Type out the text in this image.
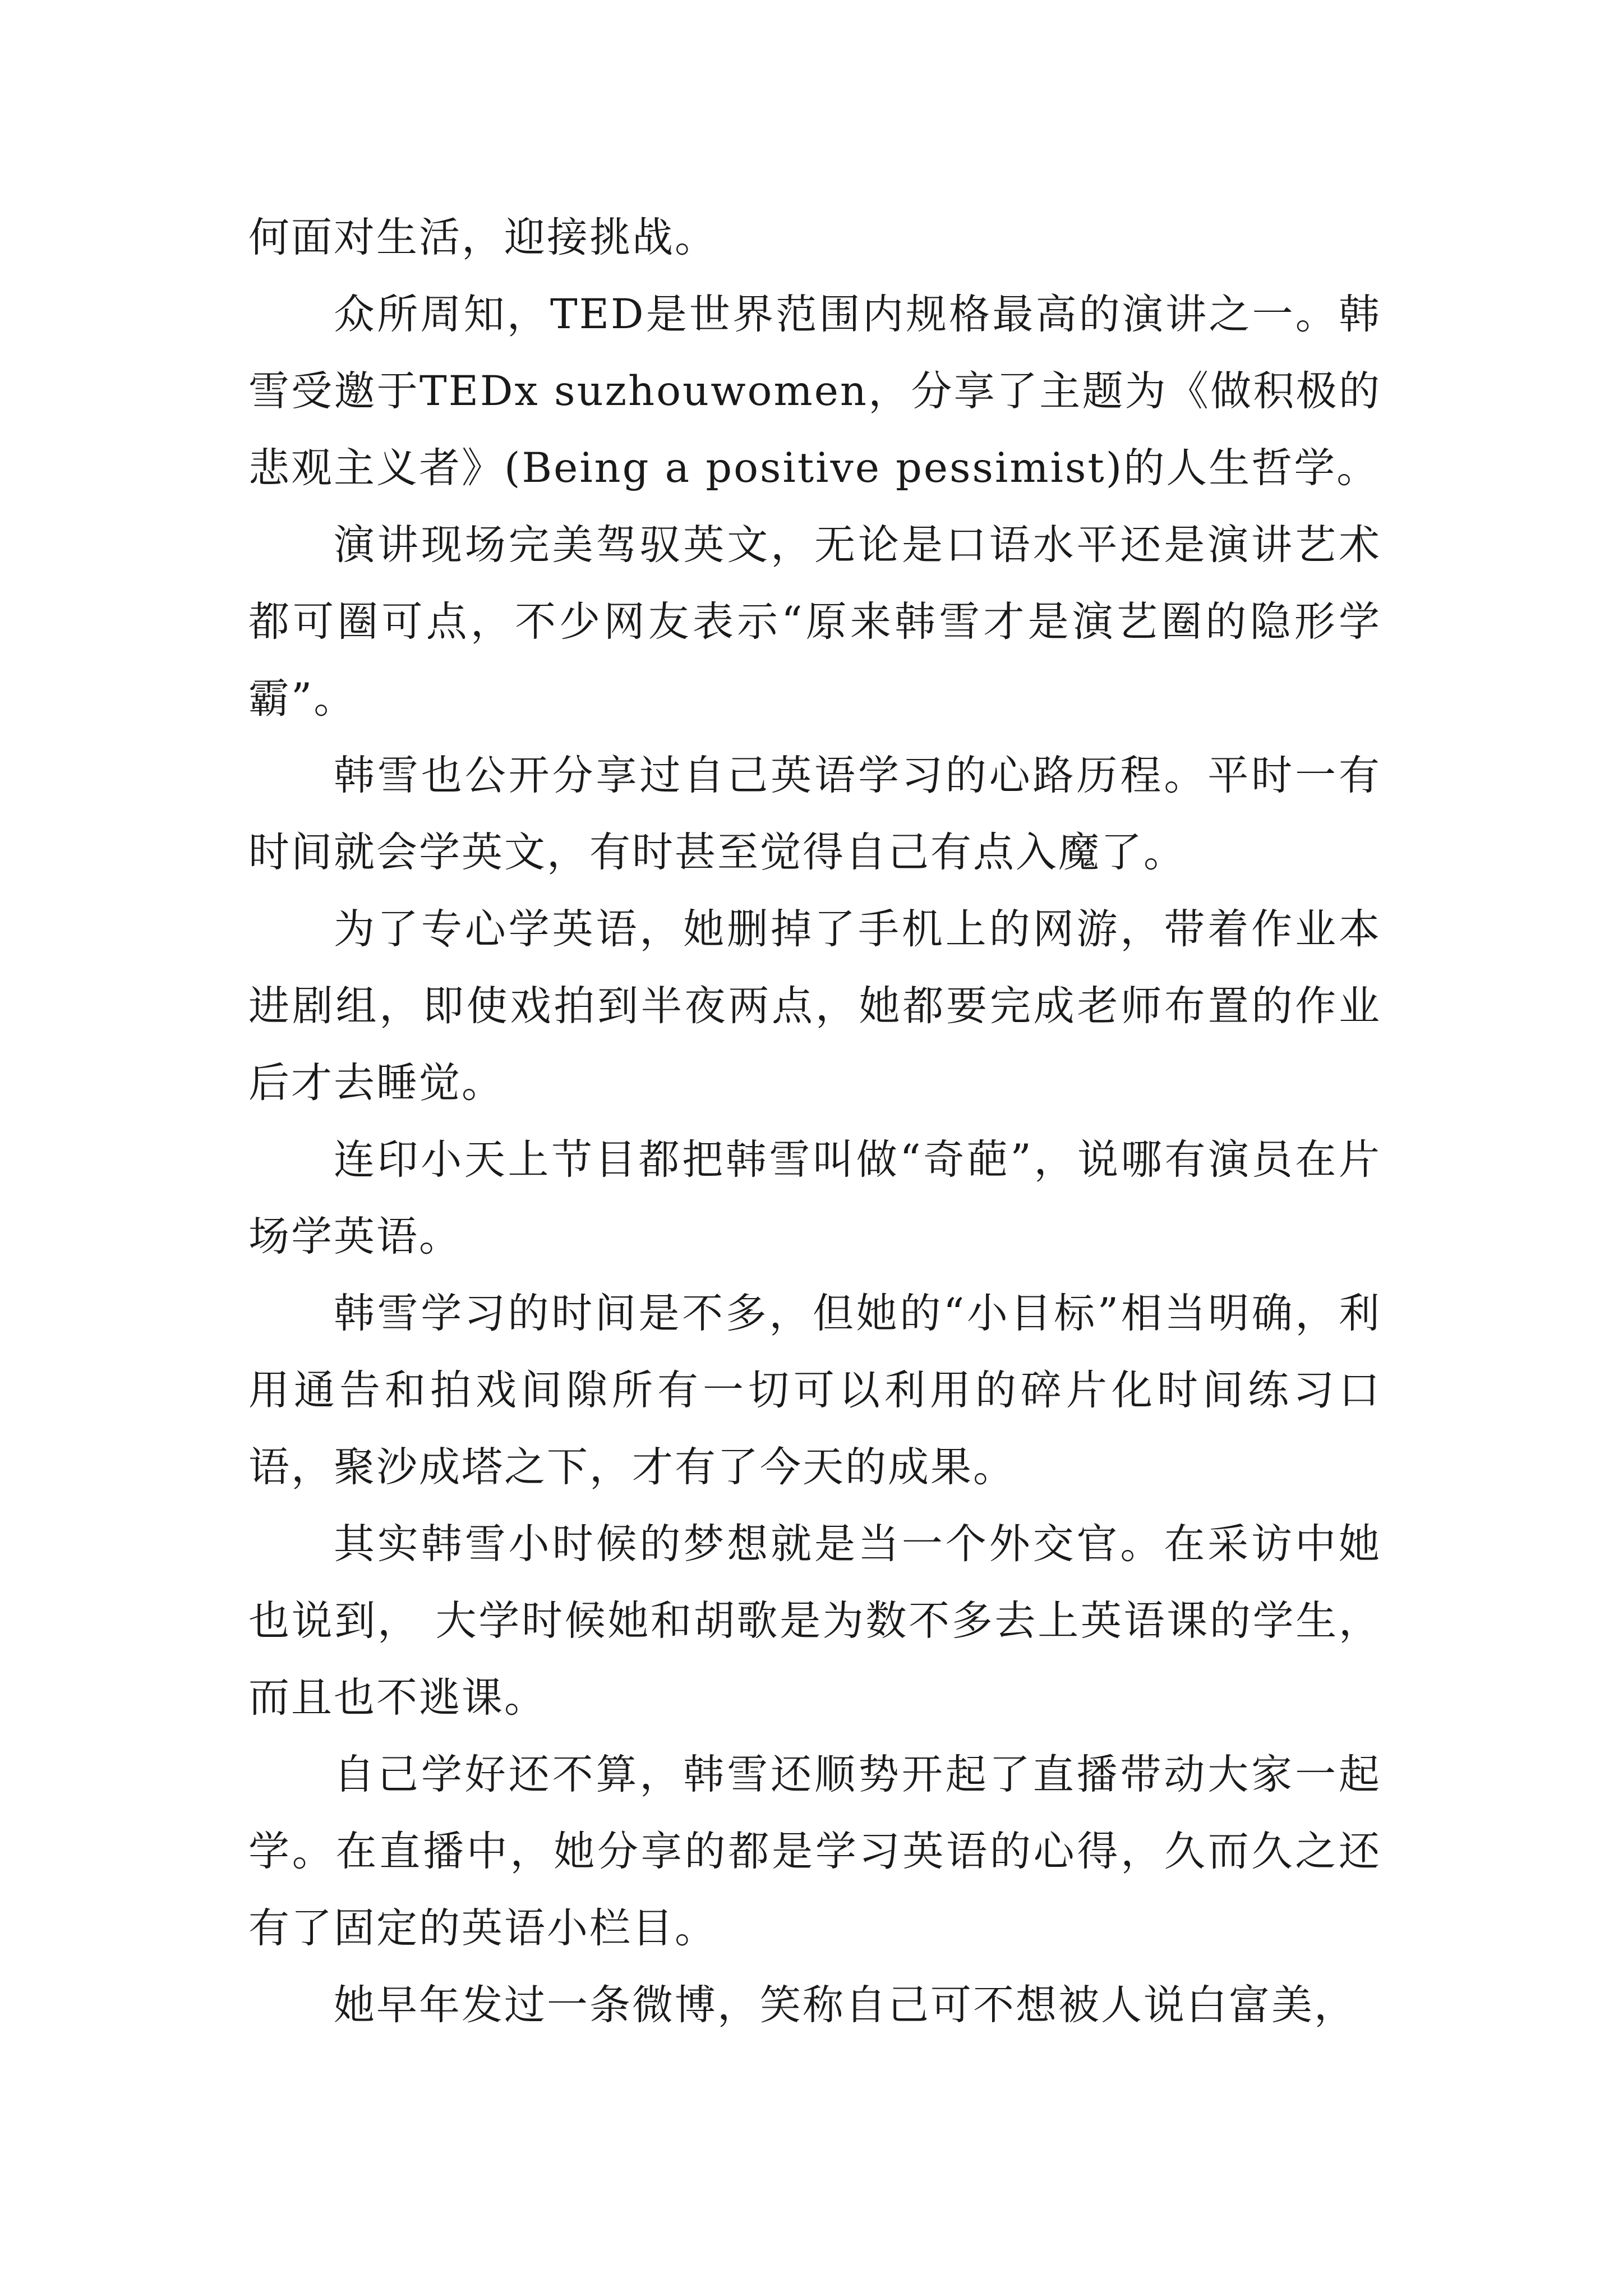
何面对生活，迎接挑战。

众所周知，TED是世界范围内规格最高的演讲之一。韩雪受邀于TEDx suzhouwomen，分享了主题为《做积极的悲观主义者》(Being a positive pessimist)的人生哲学。

演讲现场完美驾驭英文，无论是口语水平还是演讲艺术都可圈可点，不少网友表示“原来韩雪才是演艺圈的隐形学霸”。

韩雪也公开分享过自己英语学习的心路历程。平时一有时间就会学英文，有时甚至觉得自己有点入魔了。

为了专心学英语，她删掉了手机上的网游，带着作业本进剧组，即使戏拍到半夜两点，她都要完成老师布置的作业后才去睡觉。

连印小天上节目都把韩雪叫做“奇葩”，说哪有演员在片场学英语。

韩雪学习的时间是不多，但她的“小目标”相当明确，利用通告和拍戏间隙所有一切可以利用的碎片化时间练习口语，聚沙成塔之下，才有了今天的成果。

其实韩雪小时候的梦想就是当一个外交官。在采访中她也说到， 大学时候她和胡歌是为数不多去上英语课的学生，而且也不逃课。

自己学好还不算，韩雪还顺势开起了直播带动大家一起学。在直播中，她分享的都是学习英语的心得，久而久之还有了固定的英语小栏目。

她早年发过一条微博，笑称自己可不想被人说白富美，
